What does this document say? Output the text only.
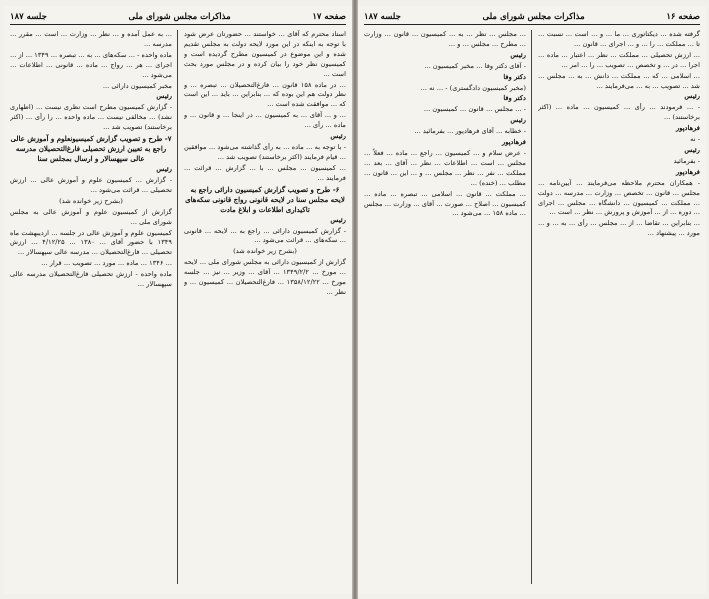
صفحه ۱۷
مذاکرات مجلس شورای ملی
جلسه ۱۸۷

استاد محترم که آقای ... خواستند ... حضورتان عرض شود با توجه به اینکه در این مورد لایحه دولت به مجلس تقدیم شده و این موضوع در کمیسیون مطرح گردیده است و کمیسیون نظر خود را بیان کرده و در مجلس مورد بحث است ...

... در ماده ۱۵۸ قانون ... فارغ‌التحصیلان ... تبصره ... و نظر دولت هم این بوده که ... بنابراین ... باید ... این است که ... موافقت شده است ...

... و ... آقای ... به کمیسیون ... در اینجا ... و قانون ... و ماده ... رأی ...

رئیس

- با توجه به ... ماده ... به رأی گذاشته می‌شود ... موافقین ... قیام فرمایند (اکثر برخاستند) تصویب شد ...

... کمیسیون ... مجلس ... با ... گزارش ... قرائت ... فرمایند ...

۶- طرح و تصویب گزارش کمیسیون دارائی راجع به لایحه مجلس سنا در لایحه قانونی رواج قانونی سکه‌های تاکیداری اطلاعات و ابلاغ مادت

رئیس

- گزارش کمیسیون دارائی ... راجع به ... لایحه ... قانونی ... سکه‌های ... قرائت می‌شود ...

(بشرح زیر خوانده شد)

گزارش از کمیسیون دارائی به مجلس شورای ملی ... لایحه ... مورخ ... ۱۳۴۹/۲/۲ ... آقای ... وزیر ... نیز ... جلسه مورخ ... ۱۳۵۸/۱۲/۲۲ ... فارغ‌التحصیلان ... کمیسیون ... و نظر ...

... به عمل آمده و ... نظر ... وزارت ... است ... مقرر ... مدرسه ...

ماده واحده - ... سکه‌های ... به ... تبصره ... ۱۳۴۹ ... از ... اجرای ... هر ... رواج ... ماده ... قانونی ... اطلاعات ... می‌شود ...

مخبر کمیسیون دارائی ...

رئیس

- گزارش کمیسیون مطرح است نظری نیست ... (اظهاری نشد) ... مخالفی نیست ... ماده واحده ... را رأی ... (اکثر برخاستند) تصویب شد ...

۷- طرح و تصویب گزارش کمیسیونعلوم و آموزش عالی راجع به تعیین ارزش تحصیلی فارغ‌التحصیلان مدرسه عالی سپهسالار و ارسال بمجلس سنا

رئیس

- گزارش ... کمیسیون علوم و آموزش عالی ... ارزش تحصیلی ... قرائت می‌شود ...

(بشرح زیر خوانده شد)

گزارش از کمیسیون علوم و آموزش عالی به مجلس شورای ملی ...

کمیسیون علوم و آموزش عالی در جلسه ... اردیبهشت ماه ۱۳۴۹ با حضور آقای ... ۱۳۸۰ ... ۴/۱۲/۲۵ ... ارزش تحصیلی ... فارغ‌التحصیلان ... مدرسه عالی سپهسالار ...

... ۱۳۴۶ ... ماده ... مورد ... تصویب ... قرار ...

ماده واحده - ارزش تحصیلی فارغ‌التحصیلان مدرسه عالی سپهسالار ...

صفحه ۱۶
مذاکرات مجلس شورای ملی
جلسه ۱۸۷

گرفته شده ... دیکتاتوری ... ما ... و ... است ... نسبت ... تا ... مملکت ... را ... و ... اجرای ... قانون ...

... ارزش تحصیلی ... مملکت ... نظر ... اعتبار ... ماده ... اجرا ... در ... و تخصص ... تصویب ... را ... امر ...

... اسلامی ... که ... مملکت ... دانش ... به ... مجلس ... شد ... تصویب ... به ... می‌فرمایند ...

رئیس

- ... فرمودند ... رأی ... کمیسیون ... ماده ... (اکثر برخاستند) ...

فرهادپور

- نه

رئیس

- بفرمائید

فرهادپور

- همکاران محترم ملاحظه می‌فرمایند ... آیین‌نامه ... مجلس ... قانون ... تخصص ... وزارت ... مدرسه ... دولت ... مملکت ... کمیسیون ... دانشگاه ... مجلس ... اجرای ... دوره ... از ... آموزش و پرورش ... نظر ... است ...

... بنابراین ... تقاضا ... از ... مجلس ... رأی ... به ... و ... مورد ... پیشنهاد ...

... مجلس ... نظر ... به ... کمیسیون ... قانون ... وزارت ... مطرح ... مجلس ... و ...

رئیس

- آقای دکتر وفا ... مخبر کمیسیون ...

دکتر وفا

(مخبر کمیسیون دادگستری) - ... نه ...

دکتر وفا

- ... مجلس ... قانون ... کمیسیون ...

رئیس

- خطابه ... آقای فرهادپور ... بفرمائید ...

فرهادپور

- عرض سلام و ... کمیسیون ... راجع ... ماده ... فعلاً ... مجلس ... است ... اطلاعات ... نظر ... آقای ... بعد ... مملکت ... نفر ... نظر ... مجلس ... و ... این ... قانون ... مطلب ... (خنده) ...

... مملکت ... قانون ... اسلامی ... تبصره ... ماده ... کمیسیون ... اصلاح ... صورت ... آقای ... وزارت ... مجلس ... ماده ۱۵۸ ... می‌شود ...
